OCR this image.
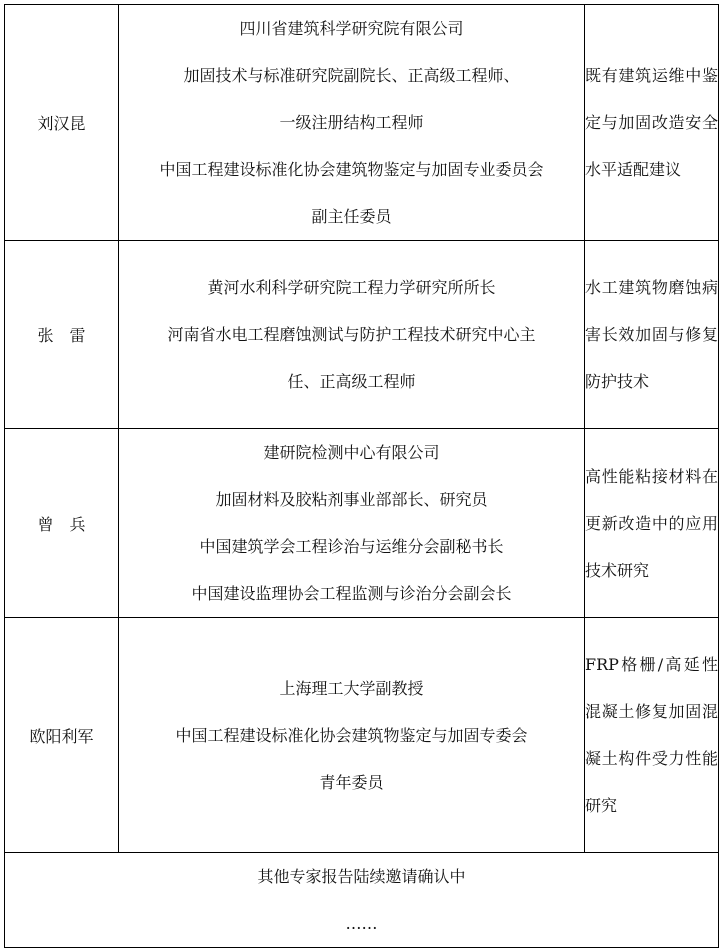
刘汉昆	四川省建筑科学研究院有限公司
加固技术与标准研究院副院长、正高级工程师、
一级注册结构工程师
中国工程建设标准化协会建筑物鉴定与加固专业委员会
副主任委员	既有建筑运维中鉴定与加固改造安全水平适配建议

张　雷	黄河水利科学研究院工程力学研究所所长
河南省水电工程磨蚀测试与防护工程技术研究中心主
任、正高级工程师	水工建筑物磨蚀病害长效加固与修复防护技术

曾　兵	建研院检测中心有限公司
加固材料及胶粘剂事业部部长、研究员
中国建筑学会工程诊治与运维分会副秘书长
中国建设监理协会工程监测与诊治分会副会长	高性能粘接材料在更新改造中的应用技术研究

欧阳利军	上海理工大学副教授
中国工程建设标准化协会建筑物鉴定与加固专委会
青年委员	FRP格栅/高延性混凝土修复加固混凝土构件受力性能研究

其他专家报告陆续邀请确认中
……		
